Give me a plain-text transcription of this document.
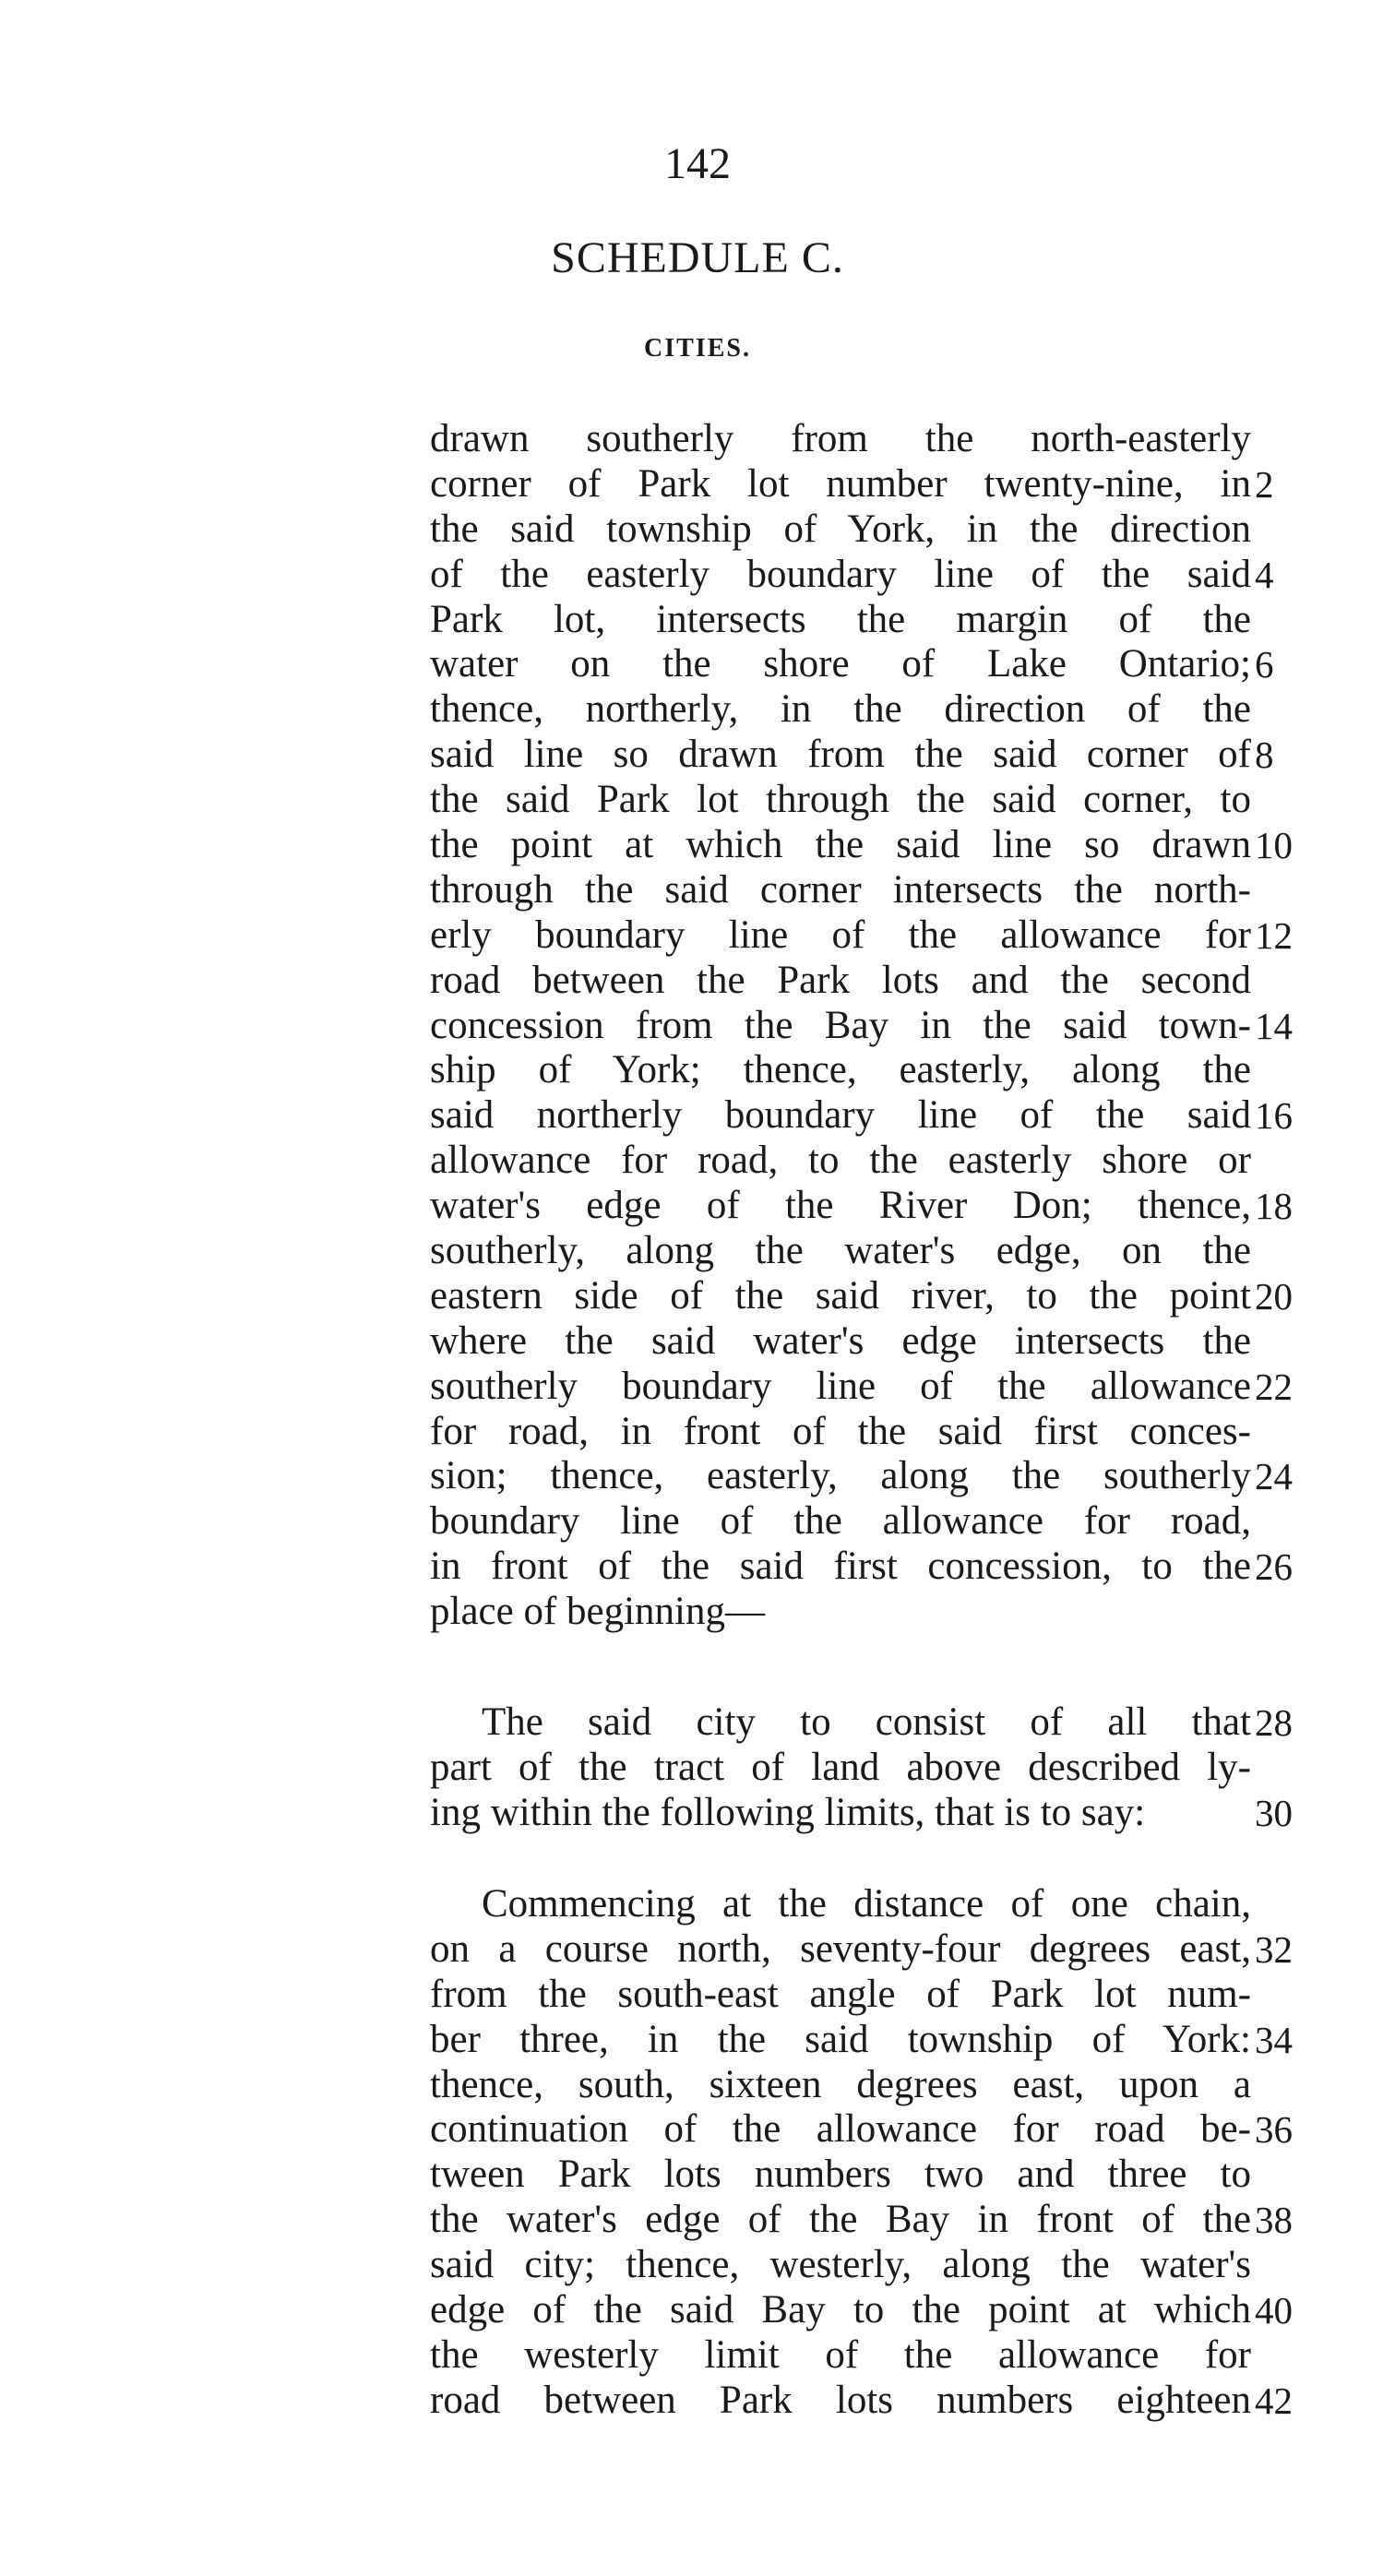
142
SCHEDULE C.
CITIES.
drawn southerly from the north-easterly
corner of Park lot number twenty-nine, in 2
the said township of York, in the direction
of the easterly boundary line of the said 4
Park lot, intersects the margin of the
water on the shore of Lake Ontario; 6
thence, northerly, in the direction of the
said line so drawn from the said corner of 8
the said Park lot through the said corner, to
the point at which the said line so drawn 10
through the said corner intersects the north-
erly boundary line of the allowance for 12
road between the Park lots and the second
concession from the Bay in the said town- 14
ship of York; thence, easterly, along the
said northerly boundary line of the said 16
allowance for road, to the easterly shore or
water's edge of the River Don; thence, 18
southerly, along the water's edge, on the
eastern side of the said river, to the point 20
where the said water's edge intersects the
southerly boundary line of the allowance 22
for road, in front of the said first conces-
sion; thence, easterly, along the southerly 24
boundary line of the allowance for road,
in front of the said first concession, to the 26
place of beginning—
The said city to consist of all that 28
part of the tract of land above described ly-
ing within the following limits, that is to say:	30
Commencing at the distance of one chain,
on a course north, seventy-four degrees east, 32
from the south-east angle of Park lot num-
ber three, in the said township of York: 34
thence, south, sixteen degrees east, upon a
continuation of the allowance for road be- 36
tween Park lots numbers two and three to
the water's edge of the Bay in front of the 38
said city; thence, westerly, along the water's
edge of the said Bay to the point at which 40
the westerly limit of the allowance for
road between Park lots numbers eighteen 42
